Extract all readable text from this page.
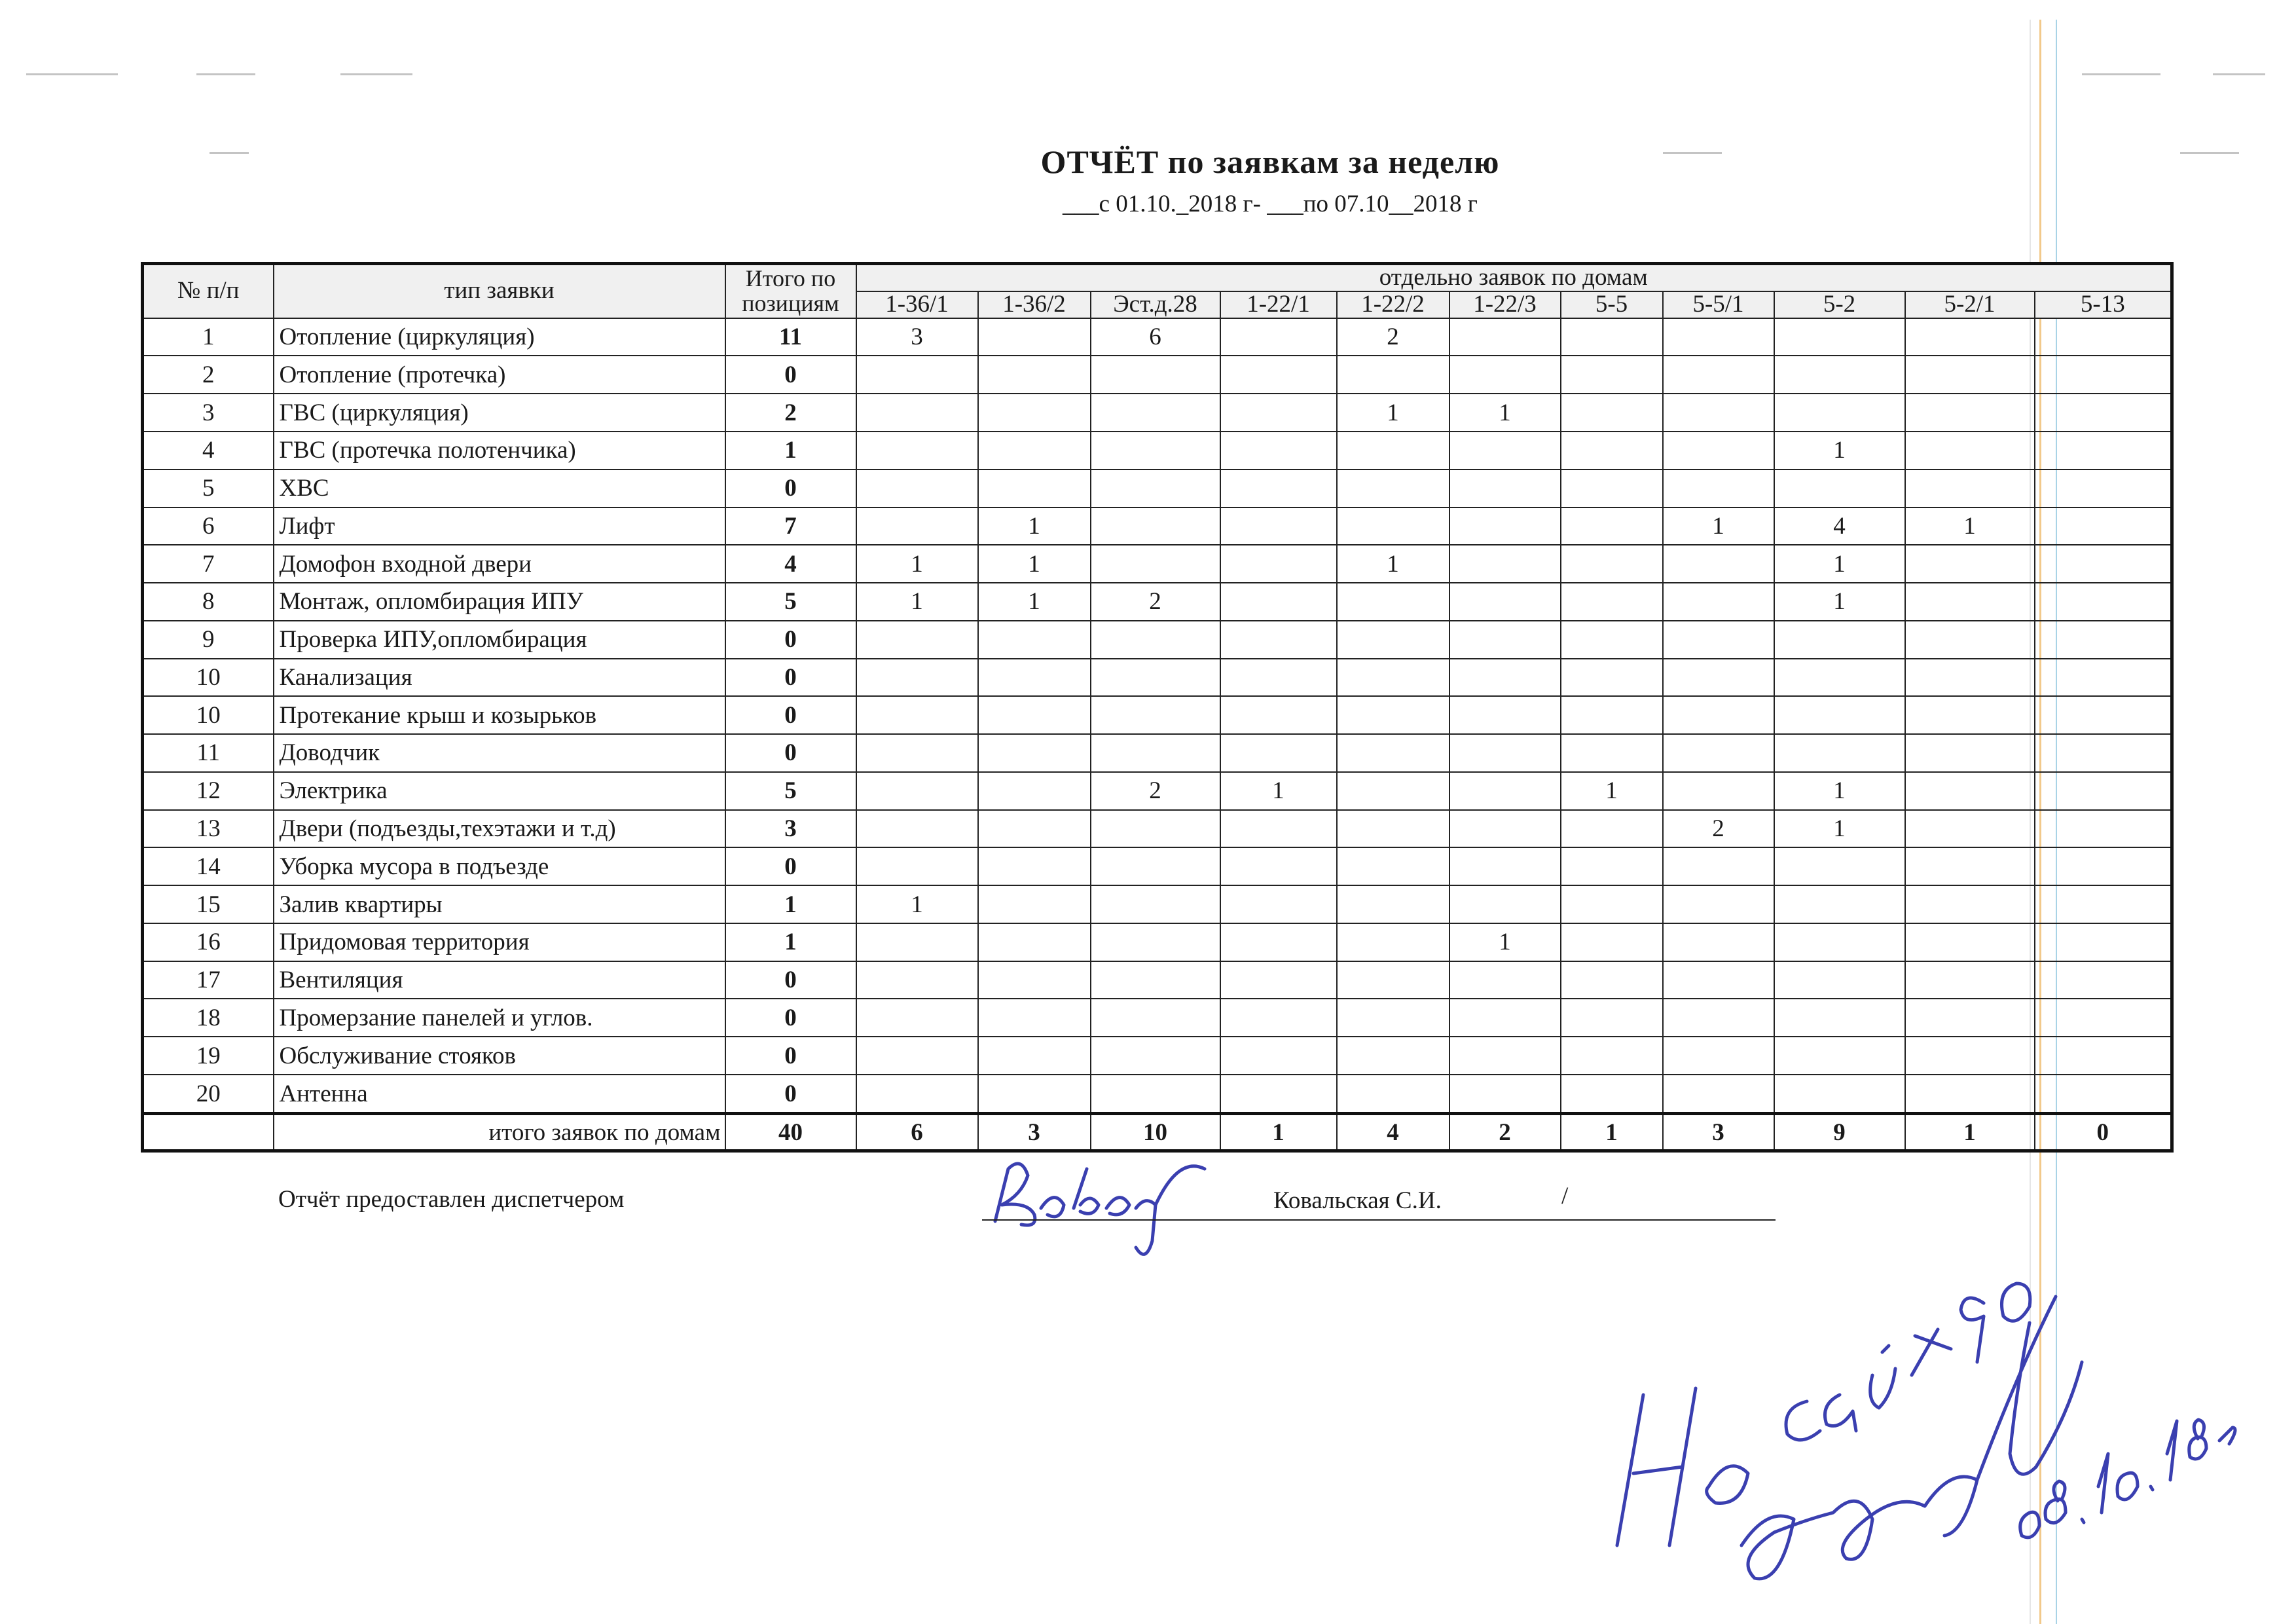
ОТЧЁТ по заявкам за неделю
___с 01.10._2018 г- ___по 07.10__2018 г
№ п/п	тип заявки	Итого по позициям	отдельно заявок по домам										
			1-36/1	1-36/2	Эст.д.28	1-22/1	1-22/2	1-22/3	5-5	5-5/1	5-2	5-2/1	5-13
1	Отопление (циркуляция)	11	3		6		2						
2	Отопление (протечка)	0											
3	ГВС (циркуляция)	2					1	1					
4	ГВС (протечка полотенчика)	1									1		
5	ХВС	0											
6	Лифт	7		1						1	4	1	
7	Домофон входной двери	4	1	1			1				1		
8	Монтаж, опломбирация ИПУ	5	1	1	2						1		
9	Проверка ИПУ,опломбирация	0											
10	Канализация	0											
10	Протекание крыш и козырьков	0											
11	Доводчик	0											
12	Электрика	5			2	1			1		1		
13	Двери (подъезды,техэтажи и т.д)	3								2	1		
14	Уборка мусора в подъезде	0											
15	Залив квартиры	1	1										
16	Придомовая территория	1						1					
17	Вентиляция	0											
18	Промерзание панелей и углов.	0											
19	Обслуживание стояков	0											
20	Антенна	0											
	итого заявок по домам	40	6	3	10	1	4	2	1	3	9	1	0
Отчёт предоставлен диспетчером	Ковальская С.И.	/
